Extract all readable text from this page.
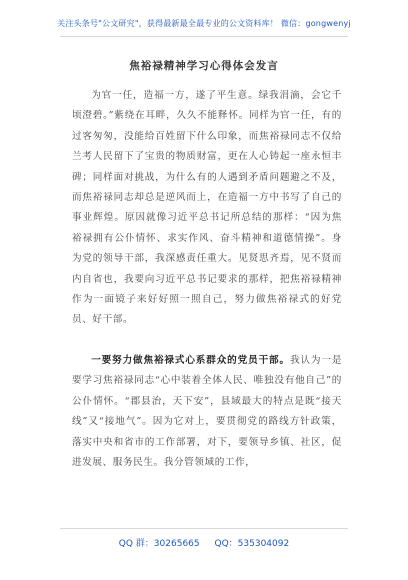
关注头条号"公文研究"，获得最新最全最专业的公文资料库！ 微信：gongwenyj
焦裕禄精神学习心得体会发言

为官一任，造福一方，遂了平生意。绿我涓滴，会它千顷澄碧。”紫绕在耳畔，久久不能释怀。同样为官一任，有的过客匆匆，没能给百姓留下什么印象，而焦裕禄同志不仅给兰考人民留下了宝贵的物质财富，更在人心铸起一座永恒丰碑；同样面对挑战，为什么有的人遇到矛盾问题避之不及，而焦裕禄同志却总是逆风而上，在造福一方中书写了自己的事业辉煌。原因就像习近平总书记所总结的那样：“因为焦裕禄拥有公仆情怀、求实作风、奋斗精神和道德情操”。身为党的领导干部，我深感责任重大。见贤思齐焉，见不贤而内自省也，我要向习近平总书记要求的那样，把焦裕禄精神作为一面镜子来好好照一照自己，努力做焦裕禄式的好党员、好干部。

一要努力做焦裕禄式心系群众的党员干部。我认为一是要学习焦裕禄同志“心中装着全体人民、唯独没有他自己”的公仆情怀。“郡县治，天下安”，县域最大的特点是既“接天线”又“接地气”。因为它对上，要贯彻党的路线方针政策，落实中央和省市的工作部署，对下，要领导乡镇、社区，促进发展、服务民生。我分管领域的工作，

QQ 群：30265665 QQ：535304092
